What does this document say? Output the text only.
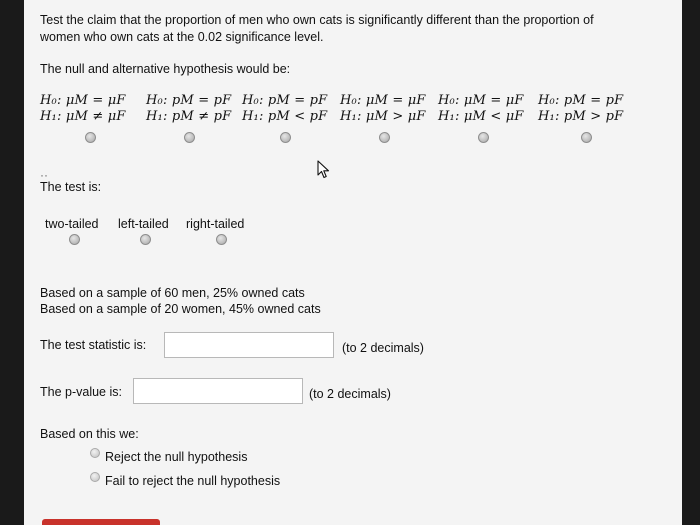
Test the claim that the proportion of men who own cats is significantly different than the proportion of
women who own cats at the 0.02 significance level.
The null and alternative hypothesis would be:
H₀: μM = μF
H₁: μM ≠ μF
H₀: pM = pF
H₁: pM ≠ pF
H₀: pM = pF
H₁: pM < pF
H₀: μM = μF
H₁: μM > μF
H₀: μM = μF
H₁: μM < μF
H₀: pM = pF
H₁: pM > pF
··
The test is:
two-tailed left-tailed right-tailed
Based on a sample of 60 men, 25% owned cats
Based on a sample of 20 women, 45% owned cats
The test statistic is:	(to 2 decimals)
The p-value is:	(to 2 decimals)
Based on this we:
Reject the null hypothesis
Fail to reject the null hypothesis
